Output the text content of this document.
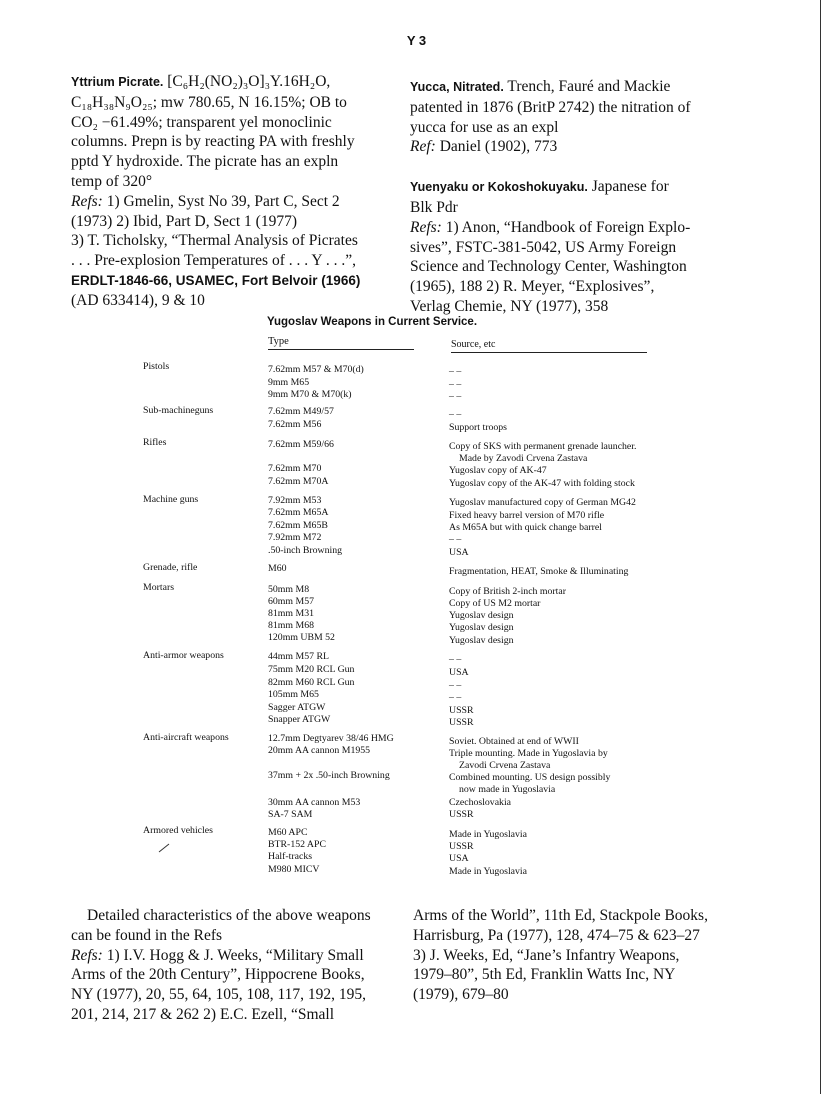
Y 3

Yttrium Picrate. [C₆H₂(NO₂)₃O]₃Y.16H₂O,

C₁₈H₃₈N₉O₂₅; mw 780.65, N 16.15%; OB to

CO₂ −61.49%; transparent yel monoclinic

columns. Prepn is by reacting PA with freshly

pptd Y hydroxide. The picrate has an expln

temp of 320°

Refs: 1) Gmelin, Syst No 39, Part C, Sect 2

(1973) 2) Ibid, Part D, Sect 1 (1977)

3) T. Ticholsky, “Thermal Analysis of Picrates

. . . Pre-explosion Temperatures of . . . Y . . .”,

ERDLT-1846-66, USAMEC, Fort Belvoir (1966)

(AD 633414), 9 & 10

Yucca, Nitrated. Trench, Fauré and Mackie

patented in 1876 (BritP 2742) the nitration of

yucca for use as an expl

Ref: Daniel (1902), 773

Yuenyaku or Kokoshokuyaku. Japanese for

Blk Pdr

Refs: 1) Anon, “Handbook of Foreign Explo-

sives”, FSTC-381-5042, US Army Foreign

Science and Technology Center, Washington

(1965), 188 2) R. Meyer, “Explosives”,

Verlag Chemie, NY (1977), 358

Yugoslav Weapons in Current Service.
Type	Source, etc
Pistols	7.62mm M57 & M70(d)	– –
9mm M65	– –
9mm M70 & M70(k)	– –
Sub-machineguns	7.62mm M49/57	– –
7.62mm M56	Support troops
Rifles	7.62mm M59/66	Copy of SKS with permanent grenade launcher.
Made by Zavodi Crvena Zastava
7.62mm M70	Yugoslav copy of AK-47
7.62mm M70A	Yugoslav copy of the AK-47 with folding stock
Machine guns	7.92mm M53	Yugoslav manufactured copy of German MG42
7.62mm M65A	Fixed heavy barrel version of M70 rifle
7.62mm M65B	As M65A but with quick change barrel
7.92mm M72	– –
.50-inch Browning	USA
Grenade, rifle	M60	Fragmentation, HEAT, Smoke & Illuminating
Mortars	50mm M8	Copy of British 2-inch mortar
60mm M57	Copy of US M2 mortar
81mm M31	Yugoslav design
81mm M68	Yugoslav design
120mm UBM 52	Yugoslav design
Anti-armor weapons	44mm M57 RL	– –
75mm M20 RCL Gun	USA
82mm M60 RCL Gun	– –
105mm M65	– –
Sagger ATGW	USSR
Snapper ATGW	USSR
Anti-aircraft weapons	12.7mm Degtyarev 38/46 HMG	Soviet. Obtained at end of WWII
20mm AA cannon M1955	Triple mounting. Made in Yugoslavia by
Zavodi Crvena Zastava
37mm + 2x .50-inch Browning	Combined mounting. US design possibly
now made in Yugoslavia
30mm AA cannon M53	Czechoslovakia
SA-7 SAM	USSR
Armored vehicles	M60 APC	Made in Yugoslavia
BTR-152 APC	USSR
Half-tracks	USA
M980 MICV	Made in Yugoslavia

Detailed characteristics of the above weapons

can be found in the Refs

Refs: 1) I.V. Hogg & J. Weeks, “Military Small

Arms of the 20th Century”, Hippocrene Books,

NY (1977), 20, 55, 64, 105, 108, 117, 192, 195,

201, 214, 217 & 262 2) E.C. Ezell, “Small

Arms of the World”, 11th Ed, Stackpole Books,

Harrisburg, Pa (1977), 128, 474–75 & 623–27

3) J. Weeks, Ed, “Jane’s Infantry Weapons,

1979–80”, 5th Ed, Franklin Watts Inc, NY

(1979), 679–80
